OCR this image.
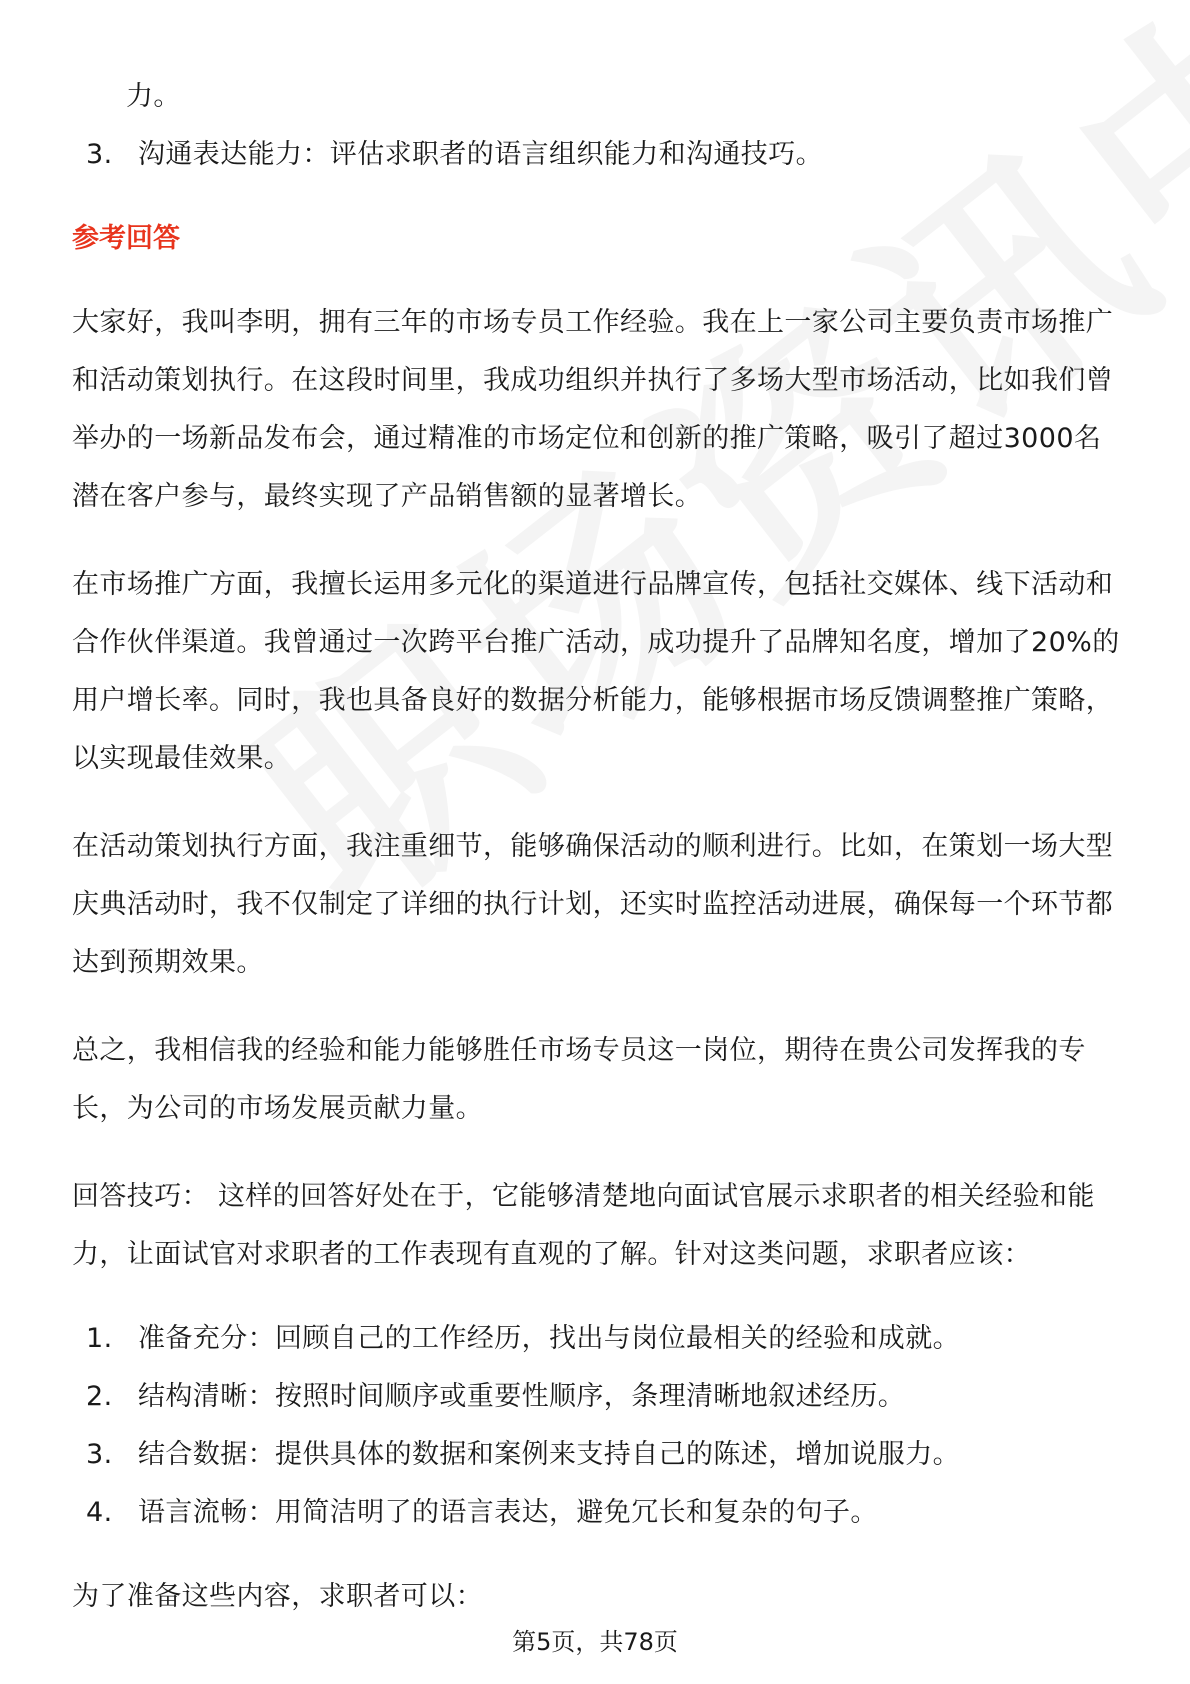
力。
3. 沟通表达能力：评估求职者的语言组织能力和沟通技巧。

参考回答

大家好，我叫李明，拥有三年的市场专员工作经验。我在上一家公司主要负责市场推广和活动策划执行。在这段时间里，我成功组织并执行了多场大型市场活动，比如我们曾举办的一场新品发布会，通过精准的市场定位和创新的推广策略，吸引了超过3000名潜在客户参与，最终实现了产品销售额的显著增长。

在市场推广方面，我擅长运用多元化的渠道进行品牌宣传，包括社交媒体、线下活动和合作伙伴渠道。我曾通过一次跨平台推广活动，成功提升了品牌知名度，增加了20%的用户增长率。同时，我也具备良好的数据分析能力，能够根据市场反馈调整推广策略，以实现最佳效果。

在活动策划执行方面，我注重细节，能够确保活动的顺利进行。比如，在策划一场大型庆典活动时，我不仅制定了详细的执行计划，还实时监控活动进展，确保每一个环节都达到预期效果。

总之，我相信我的经验和能力能够胜任市场专员这一岗位，期待在贵公司发挥我的专长，为公司的市场发展贡献力量。

回答技巧： 这样的回答好处在于，它能够清楚地向面试官展示求职者的相关经验和能力，让面试官对求职者的工作表现有直观的了解。针对这类问题，求职者应该：

1. 准备充分：回顾自己的工作经历，找出与岗位最相关的经验和成就。
2. 结构清晰：按照时间顺序或重要性顺序，条理清晰地叙述经历。
3. 结合数据：提供具体的数据和案例来支持自己的陈述，增加说服力。
4. 语言流畅：用简洁明了的语言表达，避免冗长和复杂的句子。

为了准备这些内容，求职者可以：

第5页，共78页
